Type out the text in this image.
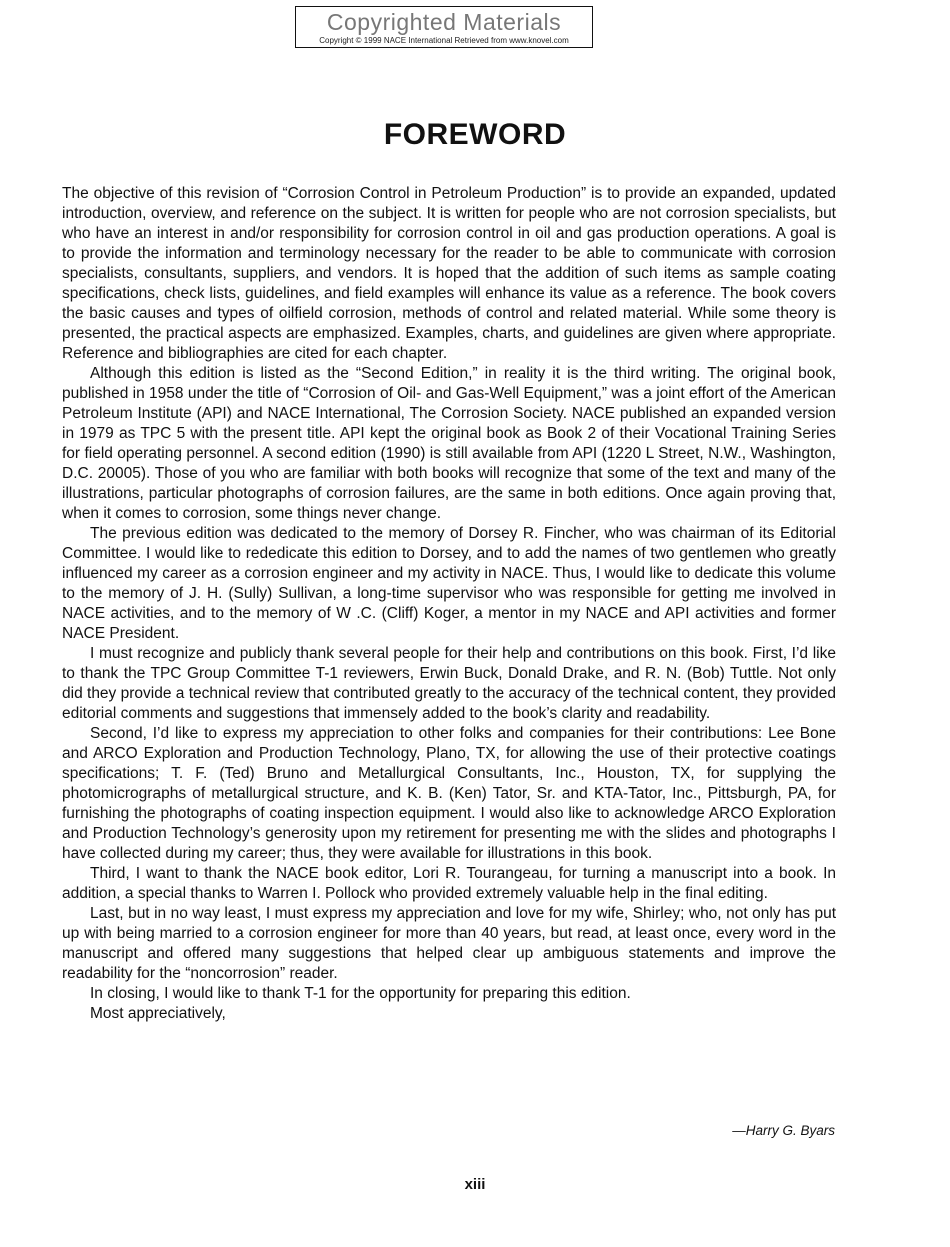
Copyrighted Materials
Copyright © 1999 NACE International Retrieved from www.knovel.com
FOREWORD

The objective of this revision of “Corrosion Control in Petroleum Production” is to provide an expanded, updated introduction, overview, and reference on the subject. It is written for people who are not corrosion specialists, but who have an interest in and/or responsibility for corrosion control in oil and gas production operations. A goal is to provide the information and terminology necessary for the reader to be able to communicate with corrosion specialists, consultants, suppliers, and vendors. It is hoped that the addition of such items as sample coating specifications, check lists, guidelines, and field examples will enhance its value as a reference. The book covers the basic causes and types of oilfield corrosion, methods of control and related material. While some theory is presented, the practical aspects are emphasized. Examples, charts, and guidelines are given where appropriate. Reference and bibliographies are cited for each chapter.

Although this edition is listed as the “Second Edition,” in reality it is the third writing. The original book, published in 1958 under the title of “Corrosion of Oil- and Gas-Well Equipment,” was a joint effort of the American Petroleum Institute (API) and NACE International, The Corrosion Society. NACE published an expanded version in 1979 as TPC 5 with the present title. API kept the original book as Book 2 of their Vocational Training Series for field operating personnel. A second edition (1990) is still available from API (1220 L Street, N.W., Washington, D.C. 20005). Those of you who are familiar with both books will recognize that some of the text and many of the illustrations, particular photographs of corrosion failures, are the same in both editions. Once again proving that, when it comes to corrosion, some things never change.

The previous edition was dedicated to the memory of Dorsey R. Fincher, who was chairman of its Editorial Committee. I would like to rededicate this edition to Dorsey, and to add the names of two gentlemen who greatly influenced my career as a corrosion engineer and my activity in NACE. Thus, I would like to dedicate this volume to the memory of J. H. (Sully) Sullivan, a long-time supervisor who was responsible for getting me involved in NACE activities, and to the memory of W .C. (Cliff) Koger, a mentor in my NACE and API activities and former NACE President.

I must recognize and publicly thank several people for their help and contributions on this book. First, I’d like to thank the TPC Group Committee T-1 reviewers, Erwin Buck, Donald Drake, and R. N. (Bob) Tuttle. Not only did they provide a technical review that contributed greatly to the accuracy of the technical content, they provided editorial comments and suggestions that immensely added to the book’s clarity and readability.

Second, I’d like to express my appreciation to other folks and companies for their contributions: Lee Bone and ARCO Exploration and Production Technology, Plano, TX, for allowing the use of their protective coatings specifications; T. F. (Ted) Bruno and Metallurgical Consultants, Inc., Houston, TX, for supplying the photomicrographs of metallurgical structure, and K. B. (Ken) Tator, Sr. and KTA-Tator, Inc., Pittsburgh, PA, for furnishing the photographs of coating inspection equipment. I would also like to acknowledge ARCO Exploration and Production Technology’s generosity upon my retirement for presenting me with the slides and photographs I have collected during my career; thus, they were available for illustrations in this book.

Third, I want to thank the NACE book editor, Lori R. Tourangeau, for turning a manuscript into a book. In addition, a special thanks to Warren I. Pollock who provided extremely valuable help in the final editing.

Last, but in no way least, I must express my appreciation and love for my wife, Shirley; who, not only has put up with being married to a corrosion engineer for more than 40 years, but read, at least once, every word in the manuscript and offered many suggestions that helped clear up ambiguous statements and improve the readability for the “noncorrosion” reader.

In closing, I would like to thank T-1 for the opportunity for preparing this edition.

Most appreciatively,

—Harry G. Byars

xiii
